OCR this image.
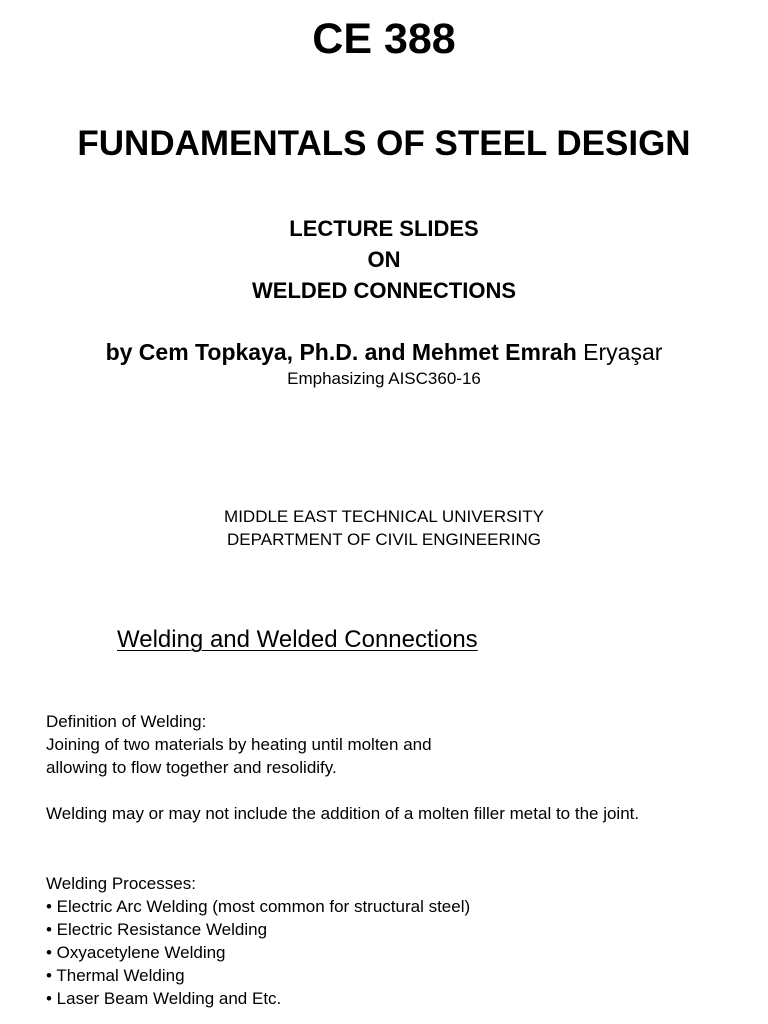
CE 388
FUNDAMENTALS OF STEEL DESIGN
LECTURE SLIDES
ON
WELDED CONNECTIONS
by Cem Topkaya, Ph.D. and Mehmet Emrah Eryaşar
Emphasizing AISC360-16
MIDDLE EAST TECHNICAL UNIVERSITY
DEPARTMENT OF CIVIL ENGINEERING
Welding and Welded Connections
Definition of Welding:
Joining of two materials by heating until molten and
allowing to flow together and resolidify.
Welding may or may not include the addition of a molten filler metal to the joint.
Welding Processes:
• Electric Arc Welding (most common for structural steel)
• Electric Resistance Welding
• Oxyacetylene Welding
• Thermal Welding
• Laser Beam Welding and Etc.
